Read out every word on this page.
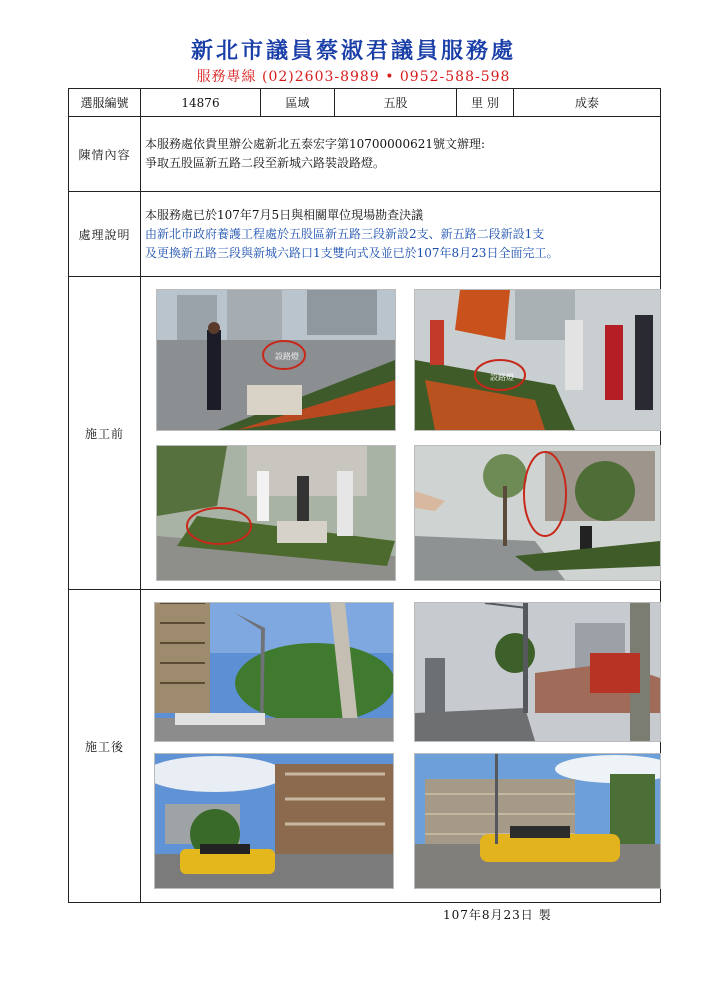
新北市議員蔡淑君議員服務處
服務專線 (02)2603-8989 • 0952-588-598
選服編號	14876	區域	五股	里 別	成泰
陳情內容	本服務處依貴里辦公處新北五泰宏字第10700000621號文辦理:
爭取五股區新五路二段至新城六路裝設路燈。				

處理說明	本服務處已於107年7月5日與相關單位現場勘查決議
由新北市政府養護工程處於五股區新五路三段新設2支、新五路二段新設1支
及更換新五路三段與新城六路口1支雙向式及並已於107年8月23日全面完工。				

施工前	設路燈
設路燈				

施工後	
107年8月23日 製
